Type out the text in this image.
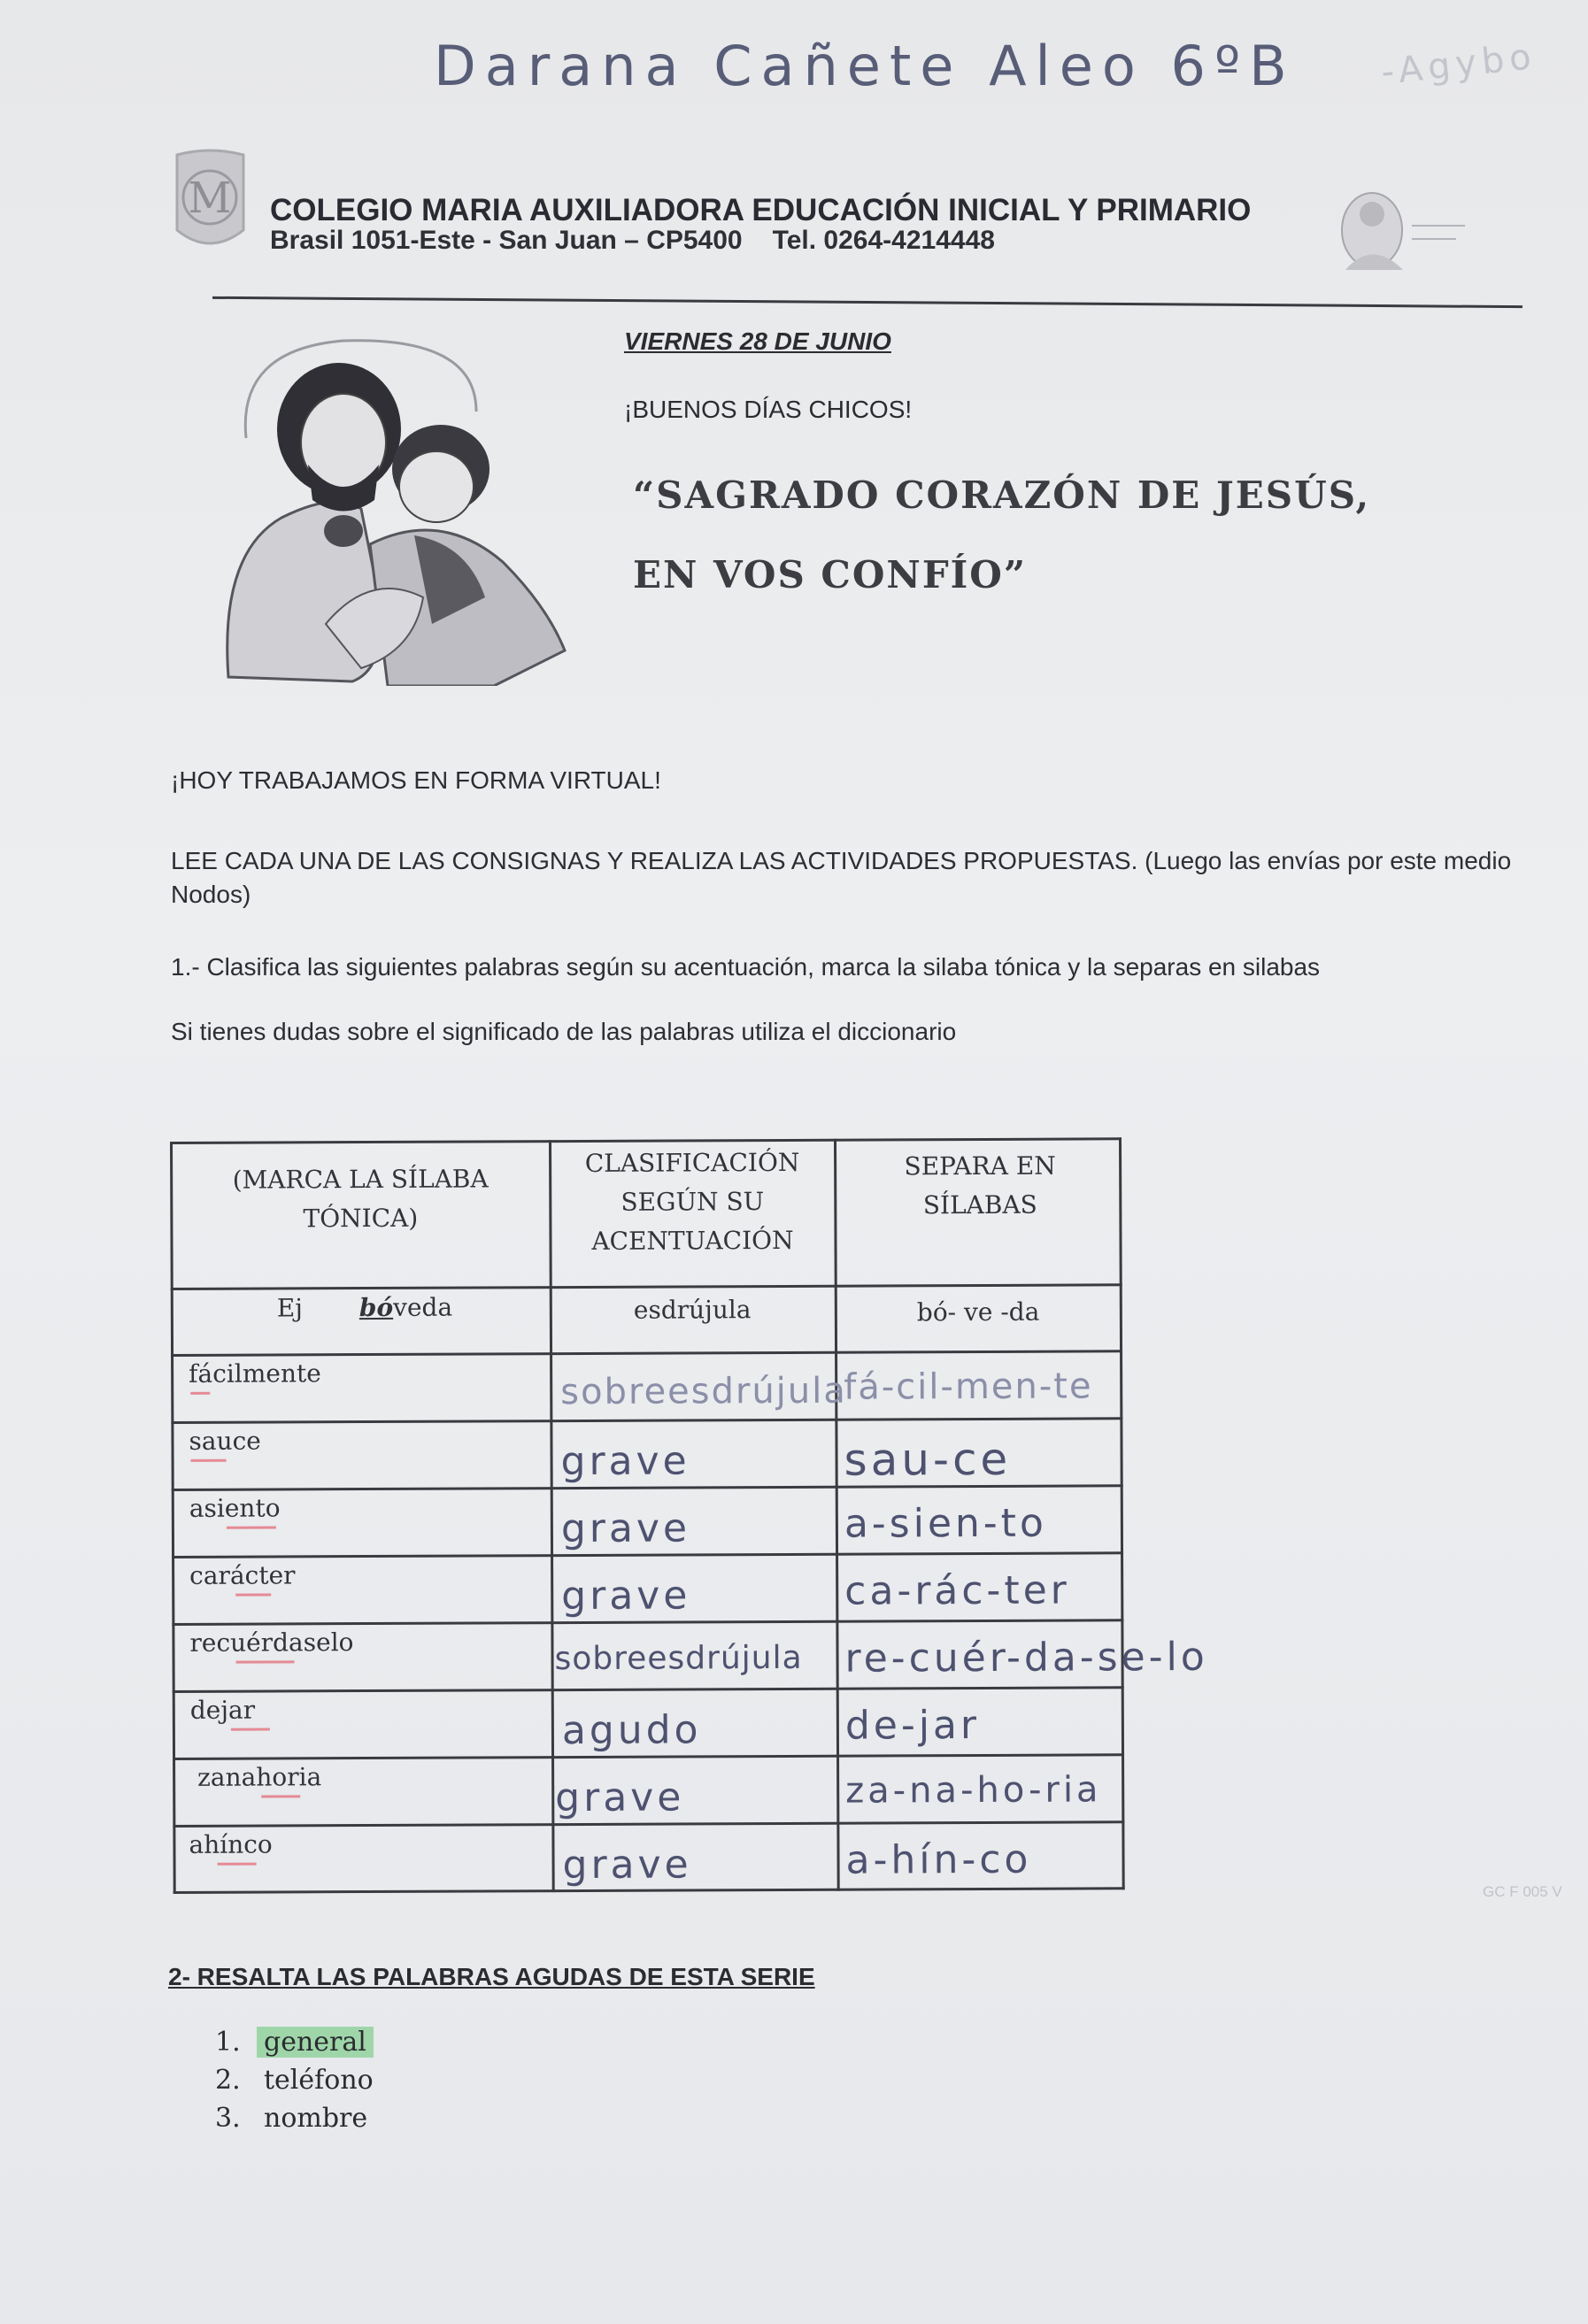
Darana Cañete Aleo 6ºB -Agybo
M COLEGIO MARIA AUXILIADORA EDUCACIÓN INICIAL Y PRIMARIO
Brasil 1051-Este - San Juan – CP5400 Tel. 0264-4214448
VIERNES 28 DE JUNIO
¡BUENOS DÍAS CHICOS!
“SAGRADO CORAZÓN DE JESÚS,
EN VOS CONFÍO”
¡HOY TRABAJAMOS EN FORMA VIRTUAL!
LEE CADA UNA DE LAS CONSIGNAS Y REALIZA LAS ACTIVIDADES PROPUESTAS. (Luego las envías por este medio Nodos)
1.- Clasifica las siguientes palabras según su acentuación, marca la silaba tónica y la separas en silabas
Si tienes dudas sobre el significado de las palabras utiliza el diccionario
(MARCA LA SÍLABA TÓNICA)
CLASIFICACIÓN SEGÚN SU ACENTUACIÓN
SEPARA EN SÍLABAS
Ej bóveda	esdrújula	bó- ve -da
fácilmente
sauce
asiento
carácter
recuérdaselo
dejar
zanahoria
ahínco
sobreesdrújula
grave
grave
grave
sobreesdrújula
agudo
grave
grave
fá-cil-men-te
sau-ce
a-sien-to
ca-rác-ter
re-cuér-da-se-lo
de-jar
za-na-ho-ria
a-hín-co
GC F 005 V
2- RESALTA LAS PALABRAS AGUDAS DE ESTA SERIE
1. general
2. teléfono
3. nombre
